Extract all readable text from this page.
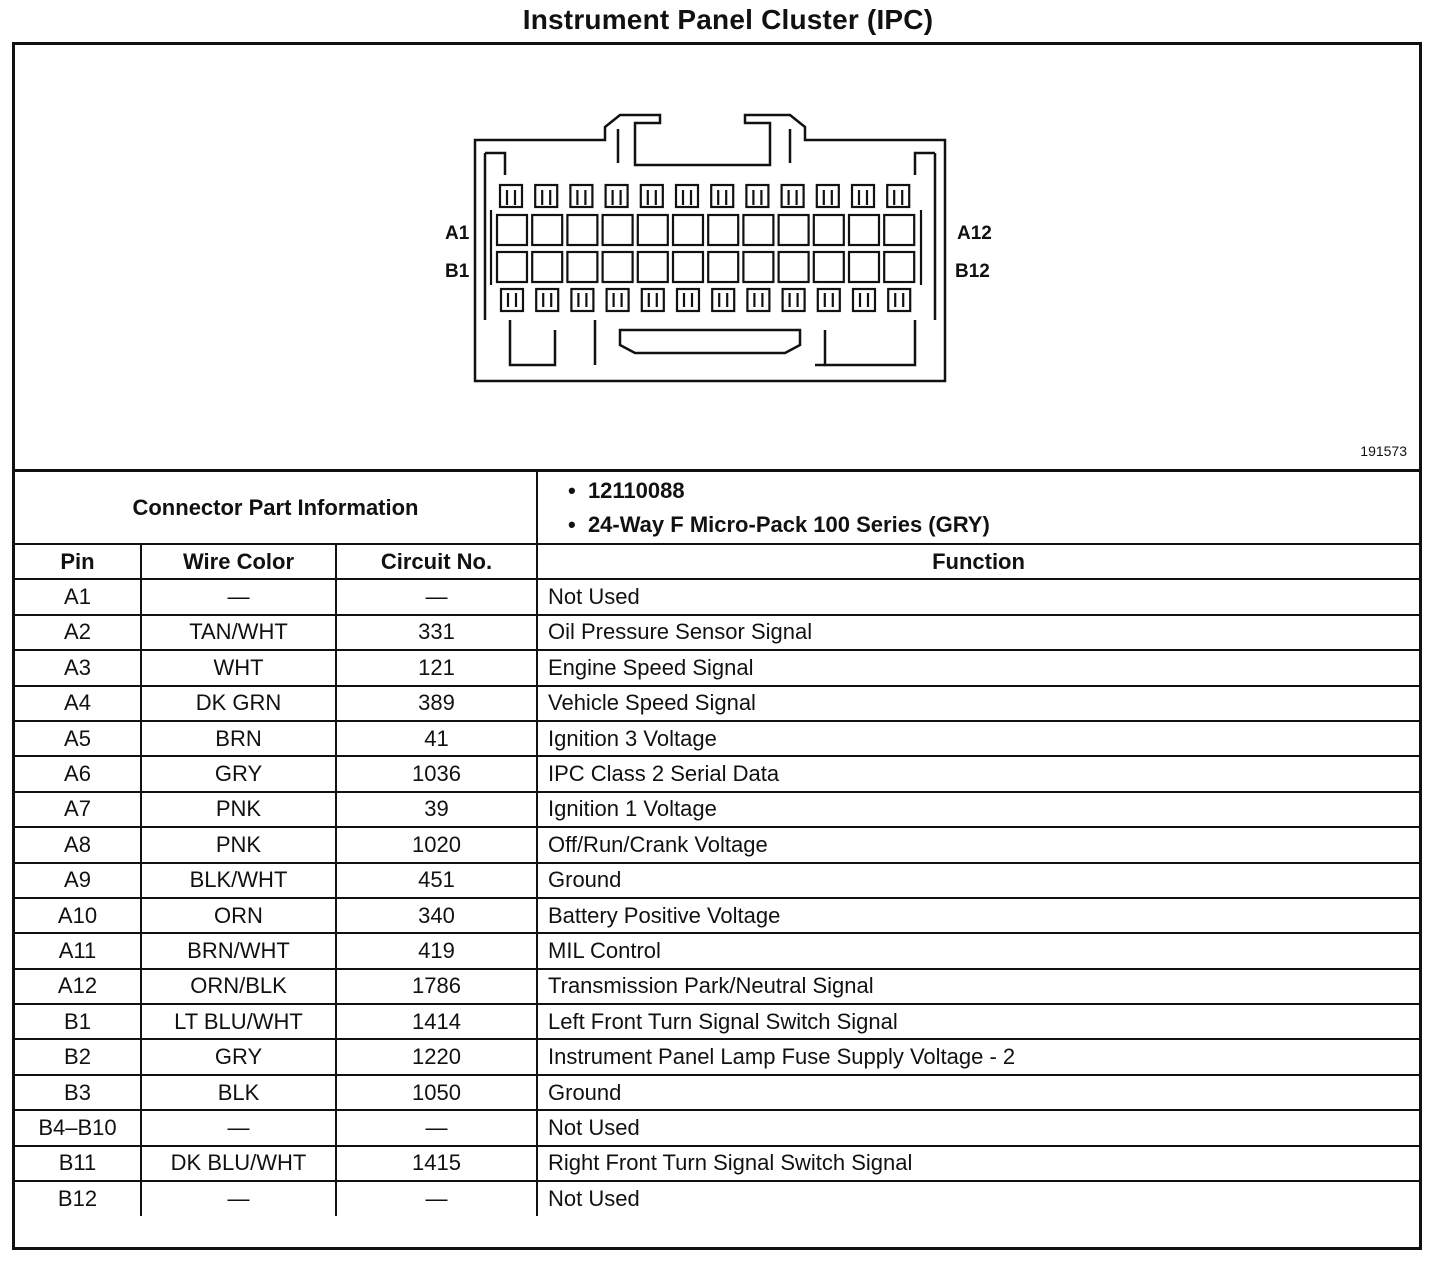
Instrument Panel Cluster (IPC)
A1	A12
B1	B12
191573
Connector Part Information			•  12110088
•  24-Way F Micro-Pack 100 Series (GRY)

Pin	Wire Color	Circuit No.	Function
A1	—	—	Not Used
A2	TAN/WHT	331	Oil Pressure Sensor Signal
A3	WHT	121	Engine Speed Signal
A4	DK GRN	389	Vehicle Speed Signal
A5	BRN	41	Ignition 3 Voltage
A6	GRY	1036	IPC Class 2 Serial Data
A7	PNK	39	Ignition 1 Voltage
A8	PNK	1020	Off/Run/Crank Voltage
A9	BLK/WHT	451	Ground
A10	ORN	340	Battery Positive Voltage
A11	BRN/WHT	419	MIL Control
A12	ORN/BLK	1786	Transmission Park/Neutral Signal
B1	LT BLU/WHT	1414	Left Front Turn Signal Switch Signal
B2	GRY	1220	Instrument Panel Lamp Fuse Supply Voltage - 2
B3	BLK	1050	Ground
B4–B10	—	—	Not Used
B11	DK BLU/WHT	1415	Right Front Turn Signal Switch Signal
B12	—	—	Not Used
